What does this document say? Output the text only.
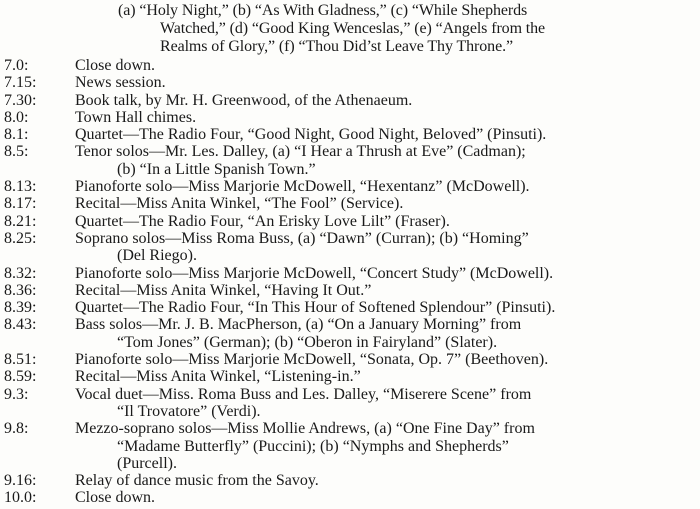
(a) “Holy Night,” (b) “As With Gladness,” (c) “While Shepherds
Watched,” (d) “Good King Wenceslas,” (e) “Angels from the
Realms of Glory,” (f) “Thou Did’st Leave Thy Throne.”
7.0:	Close down.
7.15:	News session.
7.30:	Book talk, by Mr. H. Greenwood, of the Athenaeum.
8.0:	Town Hall chimes.
8.1:	Quartet—The Radio Four, “Good Night, Good Night, Beloved” (Pinsuti).
8.5:	Tenor solos—Mr. Les. Dalley, (a) “I Hear a Thrush at Eve” (Cadman);
(b) “In a Little Spanish Town.”
8.13:	Pianoforte solo—Miss Marjorie McDowell, “Hexentanz” (McDowell).
8.17:	Recital—Miss Anita Winkel, “The Fool” (Service).
8.21:	Quartet—The Radio Four, “An Erisky Love Lilt” (Fraser).
8.25:	Soprano solos—Miss Roma Buss, (a) “Dawn” (Curran); (b) “Homing”
(Del Riego).
8.32:	Pianoforte solo—Miss Marjorie McDowell, “Concert Study” (McDowell).
8.36:	Recital—Miss Anita Winkel, “Having It Out.”
8.39:	Quartet—The Radio Four, “In This Hour of Softened Splendour” (Pinsuti).
8.43:	Bass solos—Mr. J. B. MacPherson, (a) “On a January Morning” from
“Tom Jones” (German); (b) “Oberon in Fairyland” (Slater).
8.51:	Pianoforte solo—Miss Marjorie McDowell, “Sonata, Op. 7” (Beethoven).
8.59:	Recital—Miss Anita Winkel, “Listening-in.”
9.3:	Vocal duet—Miss. Roma Buss and Les. Dalley, “Miserere Scene” from
“Il Trovatore” (Verdi).
9.8:	Mezzo-soprano solos—Miss Mollie Andrews, (a) “One Fine Day” from
“Madame Butterfly” (Puccini); (b) “Nymphs and Shepherds”
(Purcell).
9.16:	Relay of dance music from the Savoy.
10.0:	Close down.
